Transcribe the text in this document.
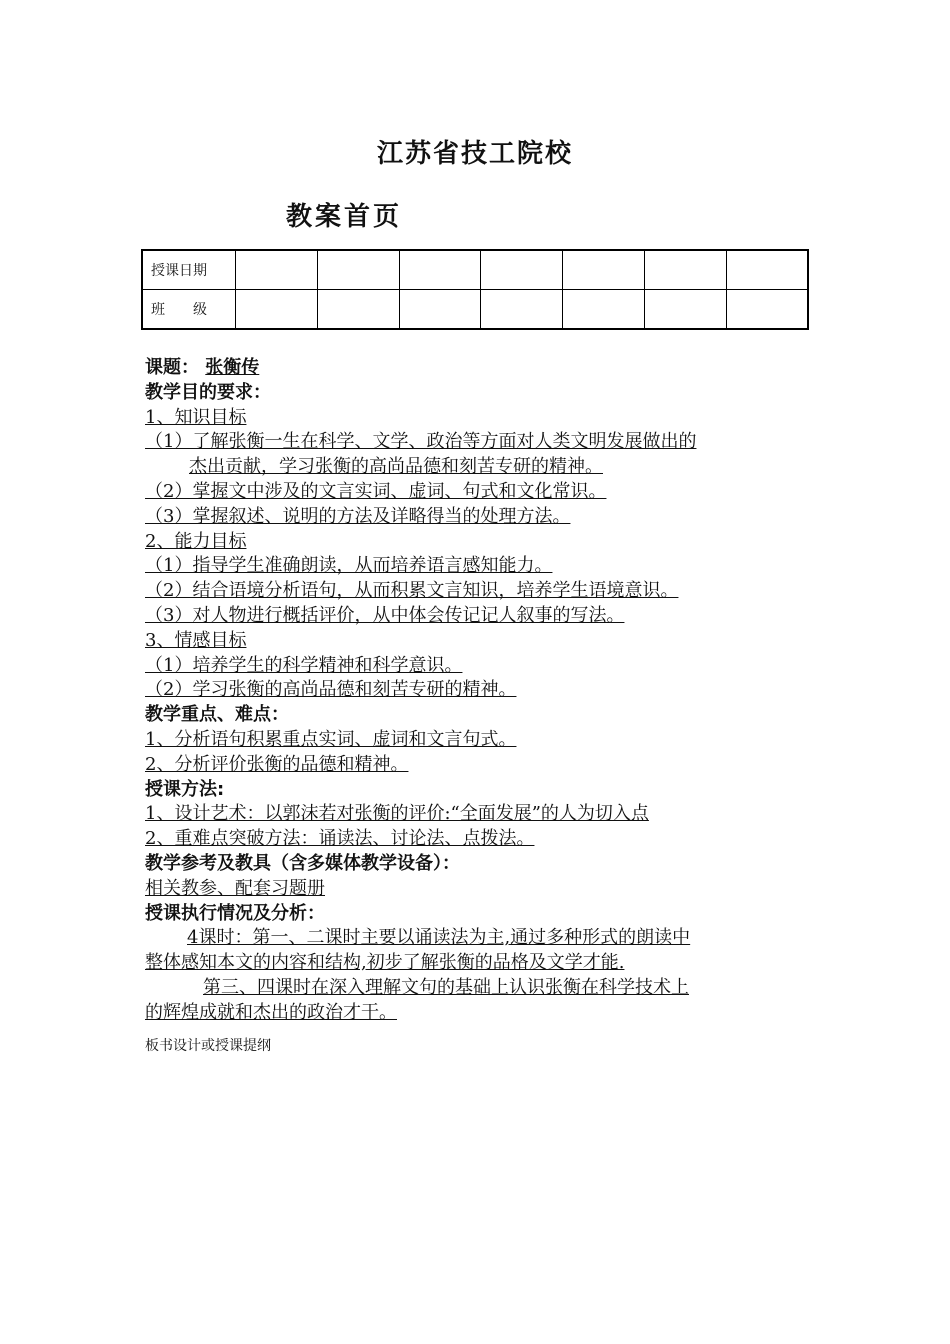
江苏省技工院校
教案首页
授课日期							
班　　级							
课题： 张衡传
教学目的要求：
1、知识目标
（1）了解张衡一生在科学、文学、政治等方面对人类文明发展做出的
杰出贡献，学习张衡的高尚品德和刻苦专研的精神。
（2）掌握文中涉及的文言实词、虚词、句式和文化常识。
（3）掌握叙述、说明的方法及详略得当的处理方法。
2、能力目标
（1）指导学生准确朗读，从而培养语言感知能力。
（2）结合语境分析语句，从而积累文言知识，培养学生语境意识。
（3）对人物进行概括评价，从中体会传记记人叙事的写法。
3、情感目标
（1）培养学生的科学精神和科学意识。
（2）学习张衡的高尚品德和刻苦专研的精神。
教学重点、难点：
1、分析语句积累重点实词、虚词和文言句式。
2、分析评价张衡的品德和精神。
授课方法:
1、设计艺术：以郭沫若对张衡的评价:“全面发展”的人为切入点
2、重难点突破方法：诵读法、讨论法、点拨法。
教学参考及教具（含多媒体教学设备）：
相关教参、配套习题册
授课执行情况及分析：
4课时：第一、二课时主要以诵读法为主,通过多种形式的朗读中
整体感知本文的内容和结构,初步了解张衡的品格及文学才能.
第三、四课时在深入理解文句的基础上认识张衡在科学技术上
的辉煌成就和杰出的政治才干。
板书设计或授课提纲
